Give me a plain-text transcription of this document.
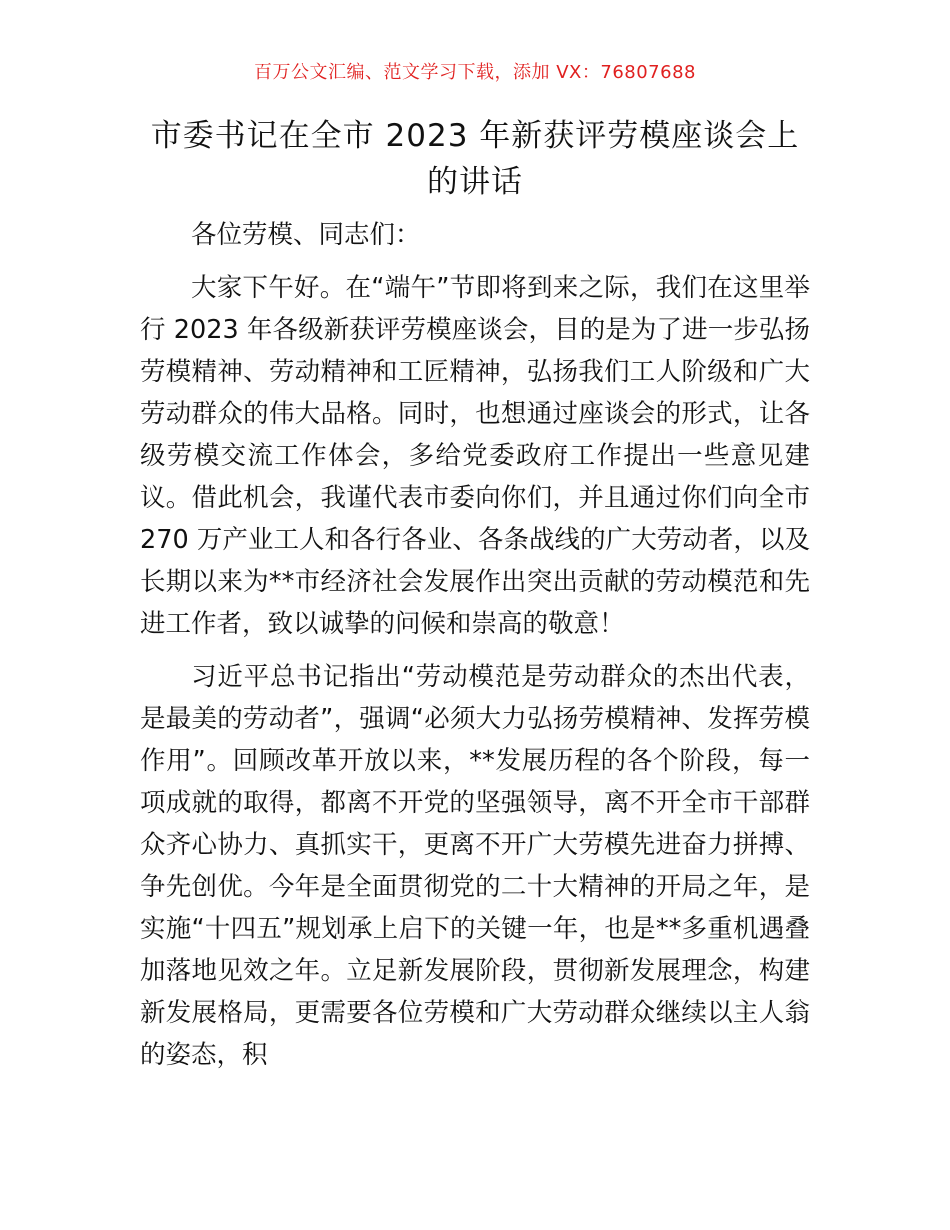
百万公文汇编、范文学习下载，添加 VX：76807688
市委书记在全市 2023 年新获评劳模座谈会上的讲话

各位劳模、同志们：

大家下午好。在“端午”节即将到来之际，我们在这里举行 2023 年各级新获评劳模座谈会，目的是为了进一步弘扬劳模精神、劳动精神和工匠精神，弘扬我们工人阶级和广大劳动群众的伟大品格。同时，也想通过座谈会的形式，让各级劳模交流工作体会，多给党委政府工作提出一些意见建议。借此机会，我谨代表市委向你们，并且通过你们向全市 270 万产业工人和各行各业、各条战线的广大劳动者，以及长期以来为**市经济社会发展作出突出贡献的劳动模范和先进工作者，致以诚挚的问候和崇高的敬意！

习近平总书记指出“劳动模范是劳动群众的杰出代表，是最美的劳动者”，强调“必须大力弘扬劳模精神、发挥劳模作用”。回顾改革开放以来，**发展历程的各个阶段，每一项成就的取得，都离不开党的坚强领导，离不开全市干部群众齐心协力、真抓实干，更离不开广大劳模先进奋力拼搏、争先创优。今年是全面贯彻党的二十大精神的开局之年，是实施“十四五”规划承上启下的关键一年，也是**多重机遇叠加落地见效之年。立足新发展阶段，贯彻新发展理念，构建新发展格局，更需要各位劳模和广大劳动群众继续以主人翁的姿态，积
